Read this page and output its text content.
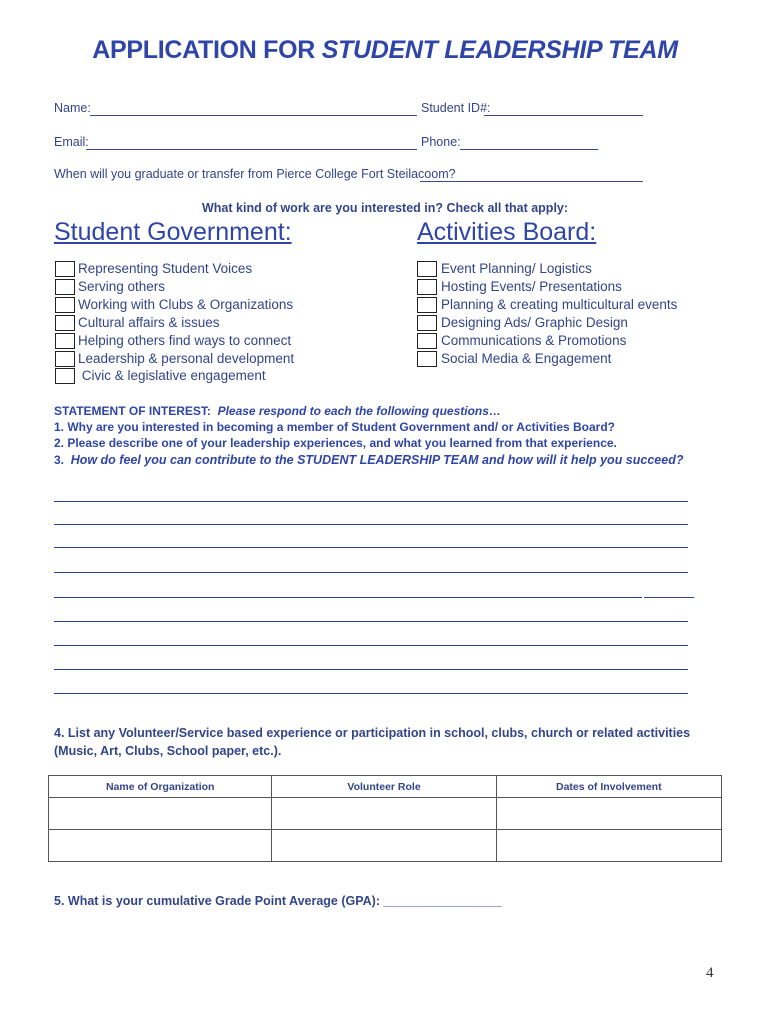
APPLICATION FOR STUDENT LEADERSHIP TEAM
Name:	Student ID#:
Email:	Phone:
When will you graduate or transfer from Pierce College Fort Steilacoom?
What kind of work are you interested in? Check all that apply:
Student Government:	Activities Board:
Representing Student Voices
Serving others
Working with Clubs & Organizations
Cultural affairs & issues
Helping others find ways to connect
Leadership & personal development
Civic & legislative engagement
Event Planning/ Logistics
Hosting Events/ Presentations
Planning & creating multicultural events
Designing Ads/ Graphic Design
Communications & Promotions
Social Media & Engagement
STATEMENT OF INTEREST: Please respond to each the following questions…
1. Why are you interested in becoming a member of Student Government and/ or Activities Board?
2. Please describe one of your leadership experiences, and what you learned from that experience.
3. How do feel you can contribute to the STUDENT LEADERSHIP TEAM and how will it help you succeed?
4. List any Volunteer/Service based experience or participation in school, clubs, church or related activities (Music, Art, Clubs, School paper, etc.).
Name of Organization	Volunteer Role	Dates of Involvement

5. What is your cumulative Grade Point Average (GPA): _________________
4
